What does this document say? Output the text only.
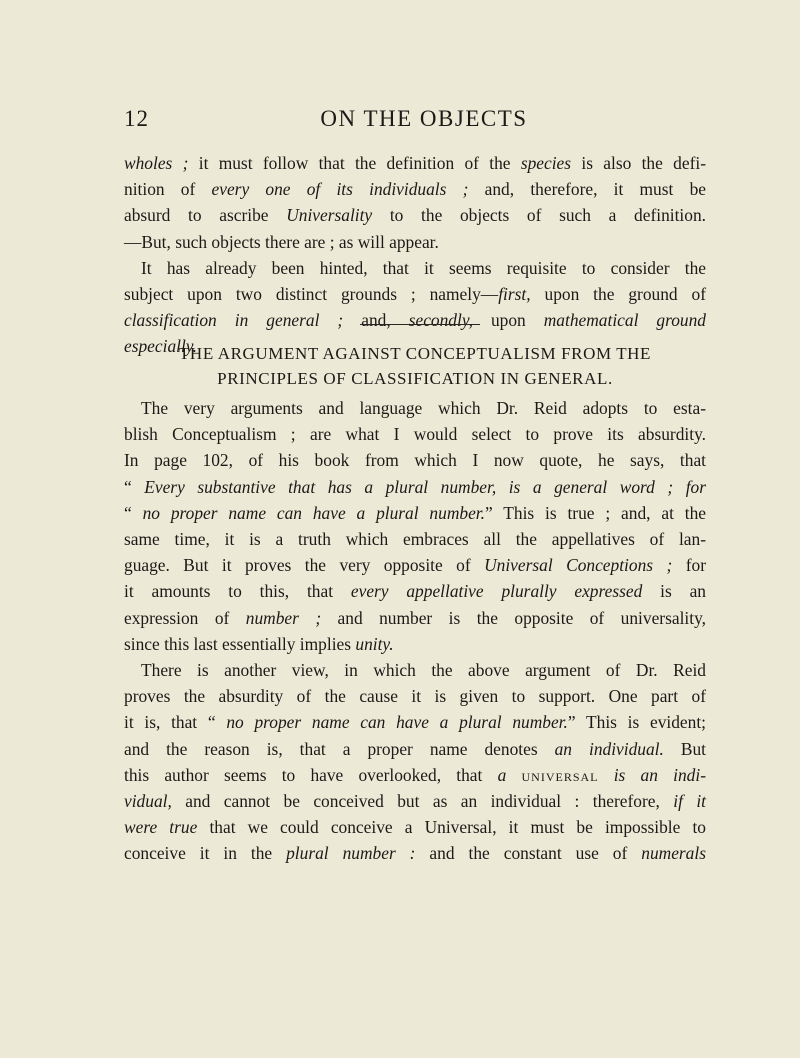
12	ON THE OBJECTS
wholes ; it must follow that the definition of the species is also the defi-
nition of every one of its individuals ; and, therefore, it must be
absurd to ascribe Universality to the objects of such a definition.
—But, such objects there are ; as will appear.
It has already been hinted, that it seems requisite to consider the
subject upon two distinct grounds ; namely—first, upon the ground of
classification in general ; and, secondly, upon mathematical ground
especially.
THE ARGUMENT AGAINST CONCEPTUALISM FROM THE
PRINCIPLES OF CLASSIFICATION IN GENERAL.
The very arguments and language which Dr. Reid adopts to esta-
blish Conceptualism ; are what I would select to prove its absurdity.
In page 102, of his book from which I now quote, he says, that
“ Every substantive that has a plural number, is a general word ; for
“ no proper name can have a plural number.” This is true ; and, at the
same time, it is a truth which embraces all the appellatives of lan-
guage. But it proves the very opposite of Universal Conceptions ; for
it amounts to this, that every appellative plurally expressed is an
expression of number ; and number is the opposite of universality,
since this last essentially implies unity.
There is another view, in which the above argument of Dr. Reid
proves the absurdity of the cause it is given to support. One part of
it is, that “ no proper name can have a plural number.” This is evident;
and the reason is, that a proper name denotes an individual. But
this author seems to have overlooked, that a universal is an indi-
vidual, and cannot be conceived but as an individual : therefore, if it
were true that we could conceive a Universal, it must be impossible to
conceive it in the plural number : and the constant use of numerals
